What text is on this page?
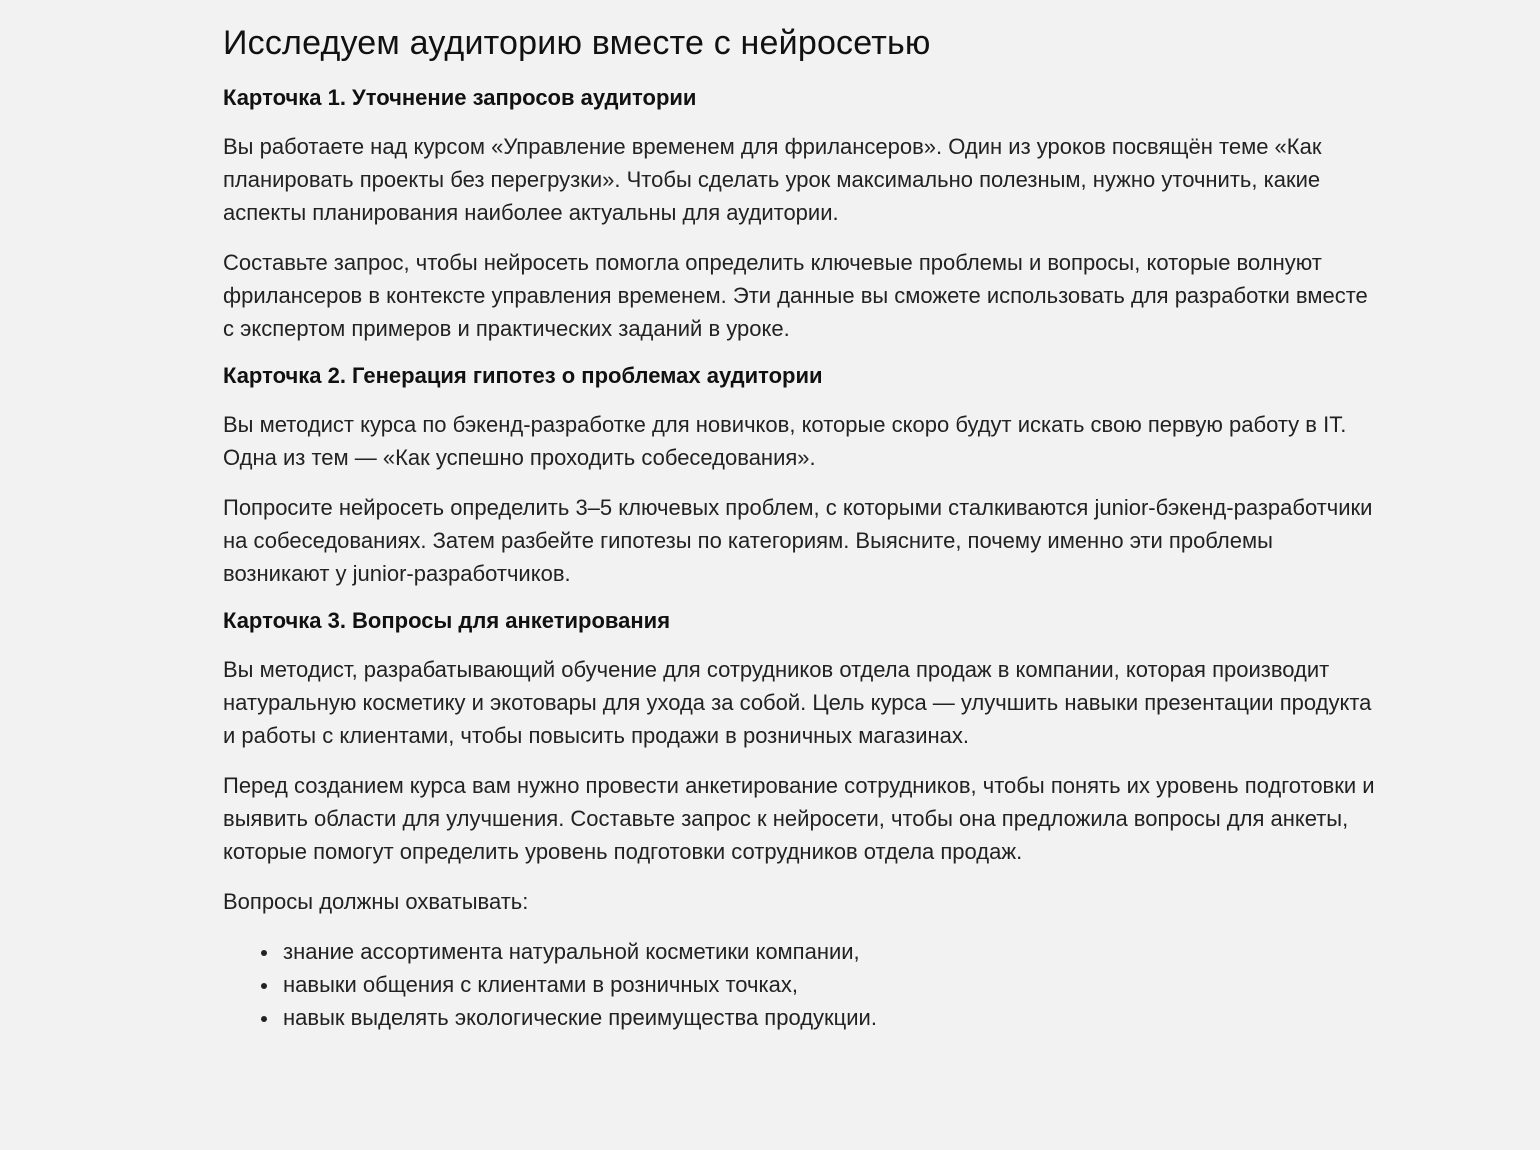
Исследуем аудиторию вместе с нейросетью
Карточка 1. Уточнение запросов аудитории

Вы работаете над курсом «Управление временем для фрилансеров». Один из уроков посвящён теме «Как планировать проекты без перегрузки». Чтобы сделать урок максимально полезным, нужно уточнить, какие аспекты планирования наиболее актуальны для аудитории.

Составьте запрос, чтобы нейросеть помогла определить ключевые проблемы и вопросы, которые волнуют фрилансеров в контексте управления временем. Эти данные вы сможете использовать для разработки вместе с экспертом примеров и практических заданий в уроке.

Карточка 2. Генерация гипотез о проблемах аудитории

Вы методист курса по бэкенд-разработке для новичков, которые скоро будут искать свою первую работу в IT. Одна из тем — «Как успешно проходить собеседования».

Попросите нейросеть определить 3–5 ключевых проблем, с которыми сталкиваются junior-бэкенд-разработчики на собеседованиях. Затем разбейте гипотезы по категориям. Выясните, почему именно эти проблемы возникают у junior-разработчиков.

Карточка 3. Вопросы для анкетирования

Вы методист, разрабатывающий обучение для сотрудников отдела продаж в компании, которая производит натуральную косметику и экотовары для ухода за собой. Цель курса — улучшить навыки презентации продукта и работы с клиентами, чтобы повысить продажи в розничных магазинах.

Перед созданием курса вам нужно провести анкетирование сотрудников, чтобы понять их уровень подготовки и выявить области для улучшения. Составьте запрос к нейросети, чтобы она предложила вопросы для анкеты, которые помогут определить уровень подготовки сотрудников отдела продаж.

Вопросы должны охватывать:

знание ассортимента натуральной косметики компании,
навыки общения с клиентами в розничных точках,
навык выделять экологические преимущества продукции.
